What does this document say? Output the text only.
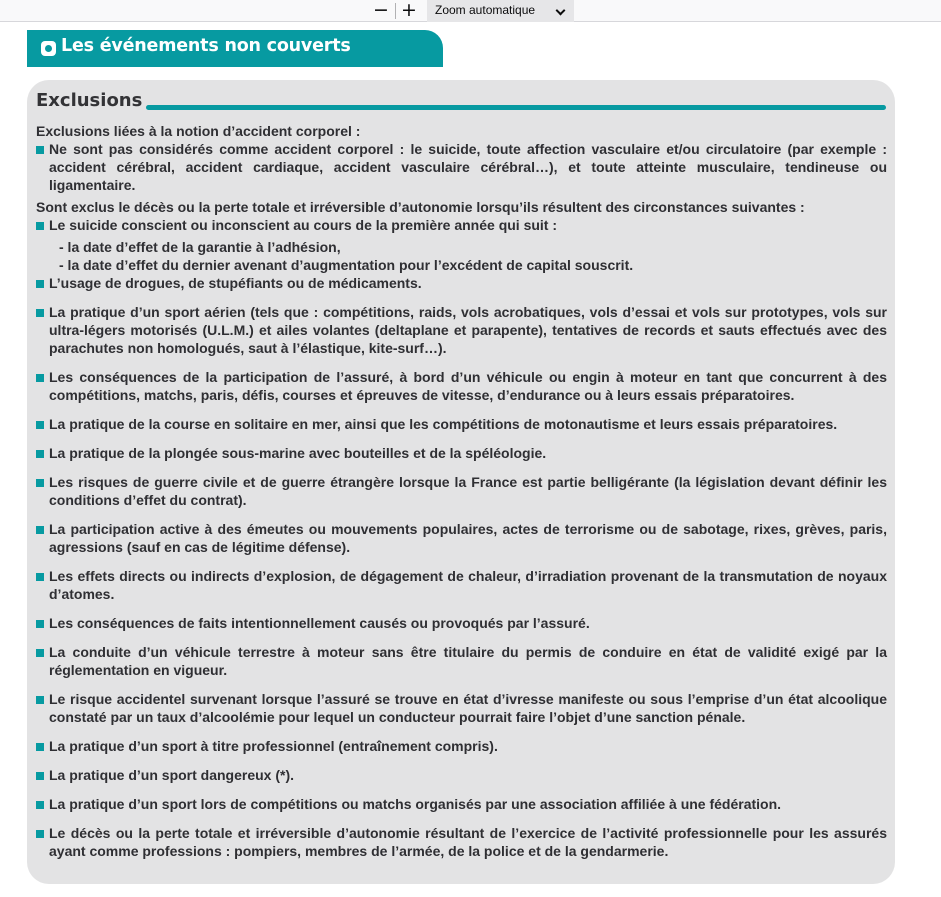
− +	Zoom automatique
Les événements non couverts
Exclusions

Exclusions liées à la notion d’accident corporel :

Ne sont pas considérés comme accident corporel : le suicide, toute affection vasculaire et/ou circulatoire (par exemple : accident cérébral, accident cardiaque, accident vasculaire cérébral…), et toute atteinte musculaire, tendineuse ou ligamentaire.

Sont exclus le décès ou la perte totale et irréversible d’autonomie lorsqu’ils résultent des circonstances suivantes :

Le suicide conscient ou inconscient au cours de la première année qui suit :

- la date d’effet de la garantie à l’adhésion,

- la date d’effet du dernier avenant d’augmentation pour l’excédent de capital souscrit.

L’usage de drogues, de stupéfiants ou de médicaments.
La pratique d’un sport aérien (tels que : compétitions, raids, vols acrobatiques, vols d’essai et vols sur prototypes, vols sur ultra-légers motorisés (U.L.M.) et ailes volantes (deltaplane et parapente), tentatives de records et sauts effectués avec des parachutes non homologués, saut à l’élastique, kite-surf…).
Les conséquences de la participation de l’assuré, à bord d’un véhicule ou engin à moteur en tant que concurrent à des compétitions, matchs, paris, défis, courses et épreuves de vitesse, d’endurance ou à leurs essais préparatoires.
La pratique de la course en solitaire en mer, ainsi que les compétitions de motonautisme et leurs essais préparatoires.
La pratique de la plongée sous-marine avec bouteilles et de la spéléologie.
Les risques de guerre civile et de guerre étrangère lorsque la France est partie belligérante (la législation devant définir les conditions d’effet du contrat).
La participation active à des émeutes ou mouvements populaires, actes de terrorisme ou de sabotage, rixes, grèves, paris, agressions (sauf en cas de légitime défense).
Les effets directs ou indirects d’explosion, de dégagement de chaleur, d’irradiation provenant de la transmutation de noyaux d’atomes.
Les conséquences de faits intentionnellement causés ou provoqués par l’assuré.
La conduite d’un véhicule terrestre à moteur sans être titulaire du permis de conduire en état de validité exigé par la réglementation en vigueur.
Le risque accidentel survenant lorsque l’assuré se trouve en état d’ivresse manifeste ou sous l’emprise d’un état alcoolique constaté par un taux d’alcoolémie pour lequel un conducteur pourrait faire l’objet d’une sanction pénale.
La pratique d’un sport à titre professionnel (entraînement compris).
La pratique d’un sport dangereux (*).
La pratique d’un sport lors de compétitions ou matchs organisés par une association affiliée à une fédération.
Le décès ou la perte totale et irréversible d’autonomie résultant de l’exercice de l’activité professionnelle pour les assurés ayant comme professions : pompiers, membres de l’armée, de la police et de la gendarmerie.
